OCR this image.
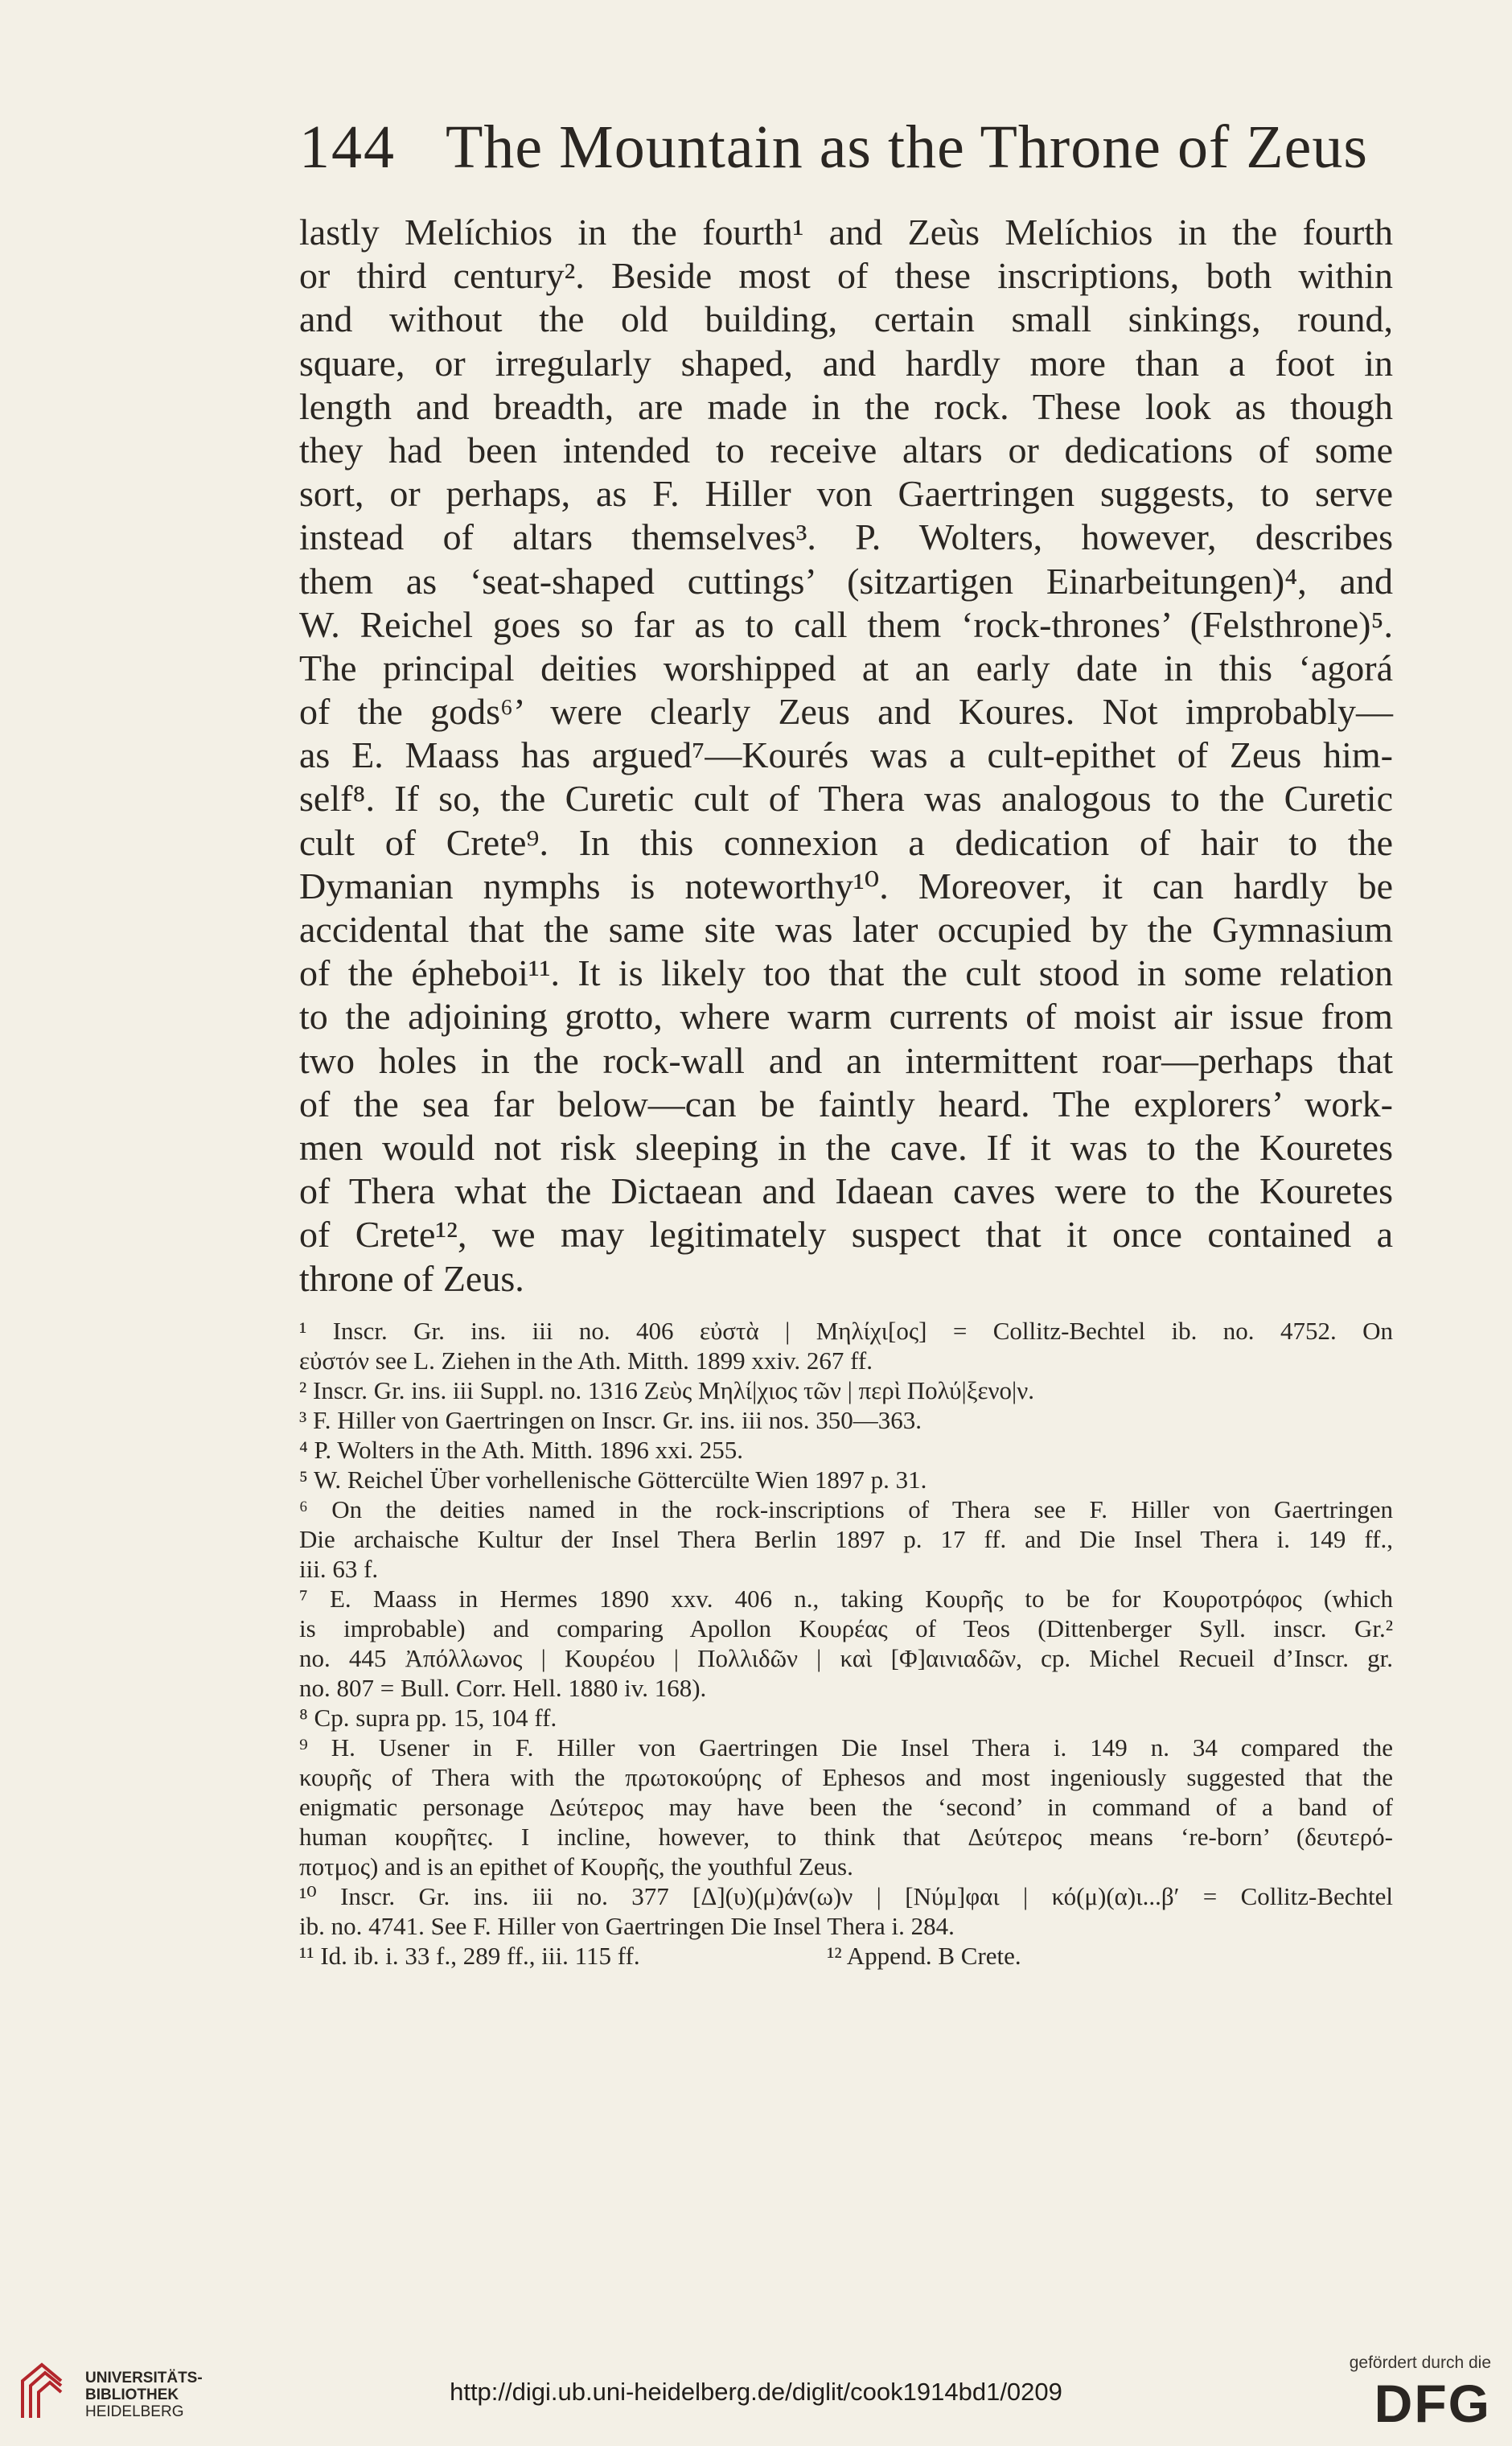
144 The Mountain as the Throne of Zeus
lastly Melíchios in the fourth¹ and Zeùs Melíchios in the fourth
or third century². Beside most of these inscriptions, both within
and without the old building, certain small sinkings, round,
square, or irregularly shaped, and hardly more than a foot in
length and breadth, are made in the rock. These look as though
they had been intended to receive altars or dedications of some
sort, or perhaps, as F. Hiller von Gaertringen suggests, to serve
instead of altars themselves³. P. Wolters, however, describes
them as ‘seat-shaped cuttings’ (sitzartigen Einarbeitungen)⁴, and
W. Reichel goes so far as to call them ‘rock-thrones’ (Felsthrone)⁵.
The principal deities worshipped at an early date in this ‘agorá
of the gods⁶’ were clearly Zeus and Koures. Not improbably—
as E. Maass has argued⁷—Kourés was a cult-epithet of Zeus him-
self⁸. If so, the Curetic cult of Thera was analogous to the Curetic
cult of Crete⁹. In this connexion a dedication of hair to the
Dymanian nymphs is noteworthy¹⁰. Moreover, it can hardly be
accidental that the same site was later occupied by the Gymnasium
of the épheboi¹¹. It is likely too that the cult stood in some relation
to the adjoining grotto, where warm currents of moist air issue from
two holes in the rock-wall and an intermittent roar—perhaps that
of the sea far below—can be faintly heard. The explorers’ work-
men would not risk sleeping in the cave. If it was to the Kouretes
of Thera what the Dictaean and Idaean caves were to the Kouretes
of Crete¹², we may legitimately suspect that it once contained a
throne of Zeus.
¹ Inscr. Gr. ins. iii no. 406 εὐστὰ | Μηλίχι[ος] = Collitz-Bechtel ib. no. 4752. On
εὐστόν see L. Ziehen in the Ath. Mitth. 1899 xxiv. 267 ff.
² Inscr. Gr. ins. iii Suppl. no. 1316 Ζεὺς Μηλί|χιος τῶν | περὶ Πολύ|ξενο|ν.
³ F. Hiller von Gaertringen on Inscr. Gr. ins. iii nos. 350—363.
⁴ P. Wolters in the Ath. Mitth. 1896 xxi. 255.
⁵ W. Reichel Über vorhellenische Göttercülte Wien 1897 p. 31.
⁶ On the deities named in the rock-inscriptions of Thera see F. Hiller von Gaertringen
Die archaische Kultur der Insel Thera Berlin 1897 p. 17 ff. and Die Insel Thera i. 149 ff.,
iii. 63 f.
⁷ E. Maass in Hermes 1890 xxv. 406 n., taking Κουρῆς to be for Κουροτρόφος (which
is improbable) and comparing Apollon Κουρέας of Teos (Dittenberger Syll. inscr. Gr.²
no. 445 Ἀπόλλωνος | Κουρέου | Πολλιδῶν | καὶ [Φ]αινιαδῶν, cp. Michel Recueil d’Inscr. gr.
no. 807 = Bull. Corr. Hell. 1880 iv. 168).
⁸ Cp. supra pp. 15, 104 ff.
⁹ H. Usener in F. Hiller von Gaertringen Die Insel Thera i. 149 n. 34 compared the
κουρῆς of Thera with the πρωτοκούρης of Ephesos and most ingeniously suggested that the
enigmatic personage Δεύτερος may have been the ‘second’ in command of a band of
human κουρῆτες. I incline, however, to think that Δεύτερος means ‘re-born’ (δευτερό-
ποτμος) and is an epithet of Κουρῆς, the youthful Zeus.
¹⁰ Inscr. Gr. ins. iii no. 377 [Δ](υ)(μ)άν(ω)ν | [Νύμ]φαι | κό(μ)(α)ι...β′ = Collitz-Bechtel
ib. no. 4741. See F. Hiller von Gaertringen Die Insel Thera i. 284.
¹¹ Id. ib. i. 33 f., 289 ff., iii. 115 ff.                              ¹² Append. B Crete.
UNIVERSITÄTS-
BIBLIOTHEK
HEIDELBERG
http://digi.ub.uni-heidelberg.de/diglit/cook1914bd1/0209
gefördert durch die
DFG
